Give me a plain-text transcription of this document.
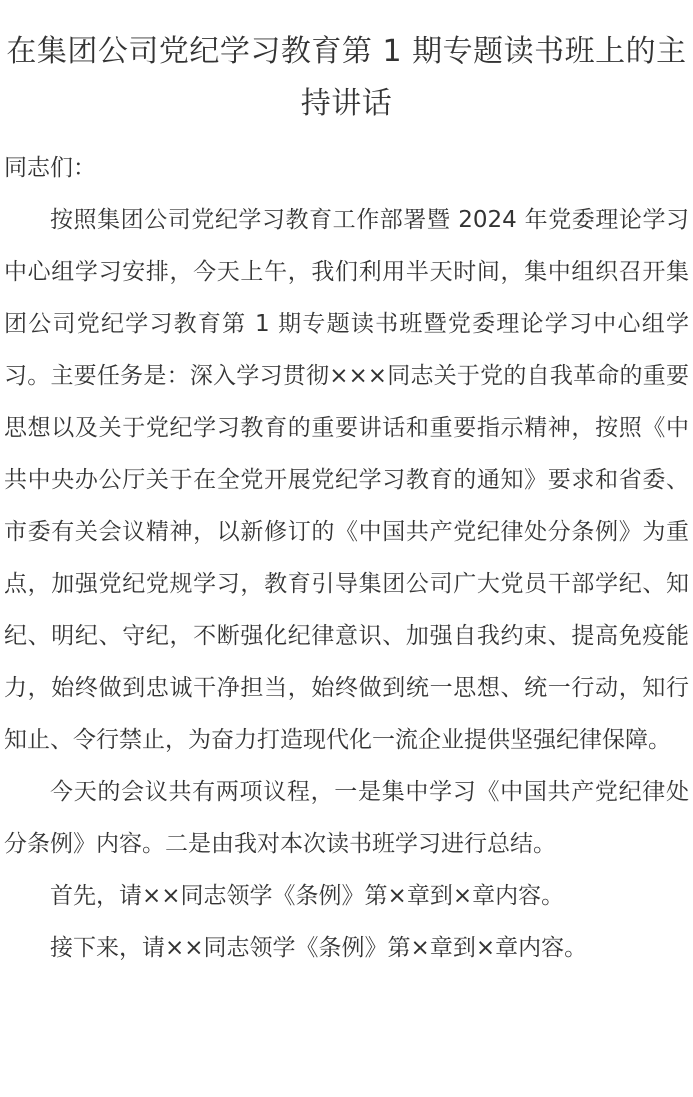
在集团公司党纪学习教育第 1 期专题读书班上的主持讲话

同志们：

按照集团公司党纪学习教育工作部署暨 2024 年党委理论学习中心组学习安排，今天上午，我们利用半天时间，集中组织召开集团公司党纪学习教育第 1 期专题读书班暨党委理论学习中心组学习。主要任务是：深入学习贯彻×××同志关于党的自我革命的重要思想以及关于党纪学习教育的重要讲话和重要指示精神，按照《中共中央办公厅关于在全党开展党纪学习教育的通知》要求和省委、市委有关会议精神，以新修订的《中国共产党纪律处分条例》为重点，加强党纪党规学习，教育引导集团公司广大党员干部学纪、知纪、明纪、守纪，不断强化纪律意识、加强自我约束、提高免疫能力，始终做到忠诚干净担当，始终做到统一思想、统一行动，知行知止、令行禁止，为奋力打造现代化一流企业提供坚强纪律保障。

今天的会议共有两项议程，一是集中学习《中国共产党纪律处分条例》内容。二是由我对本次读书班学习进行总结。

首先，请××同志领学《条例》第×章到×章内容。

接下来，请××同志领学《条例》第×章到×章内容。
